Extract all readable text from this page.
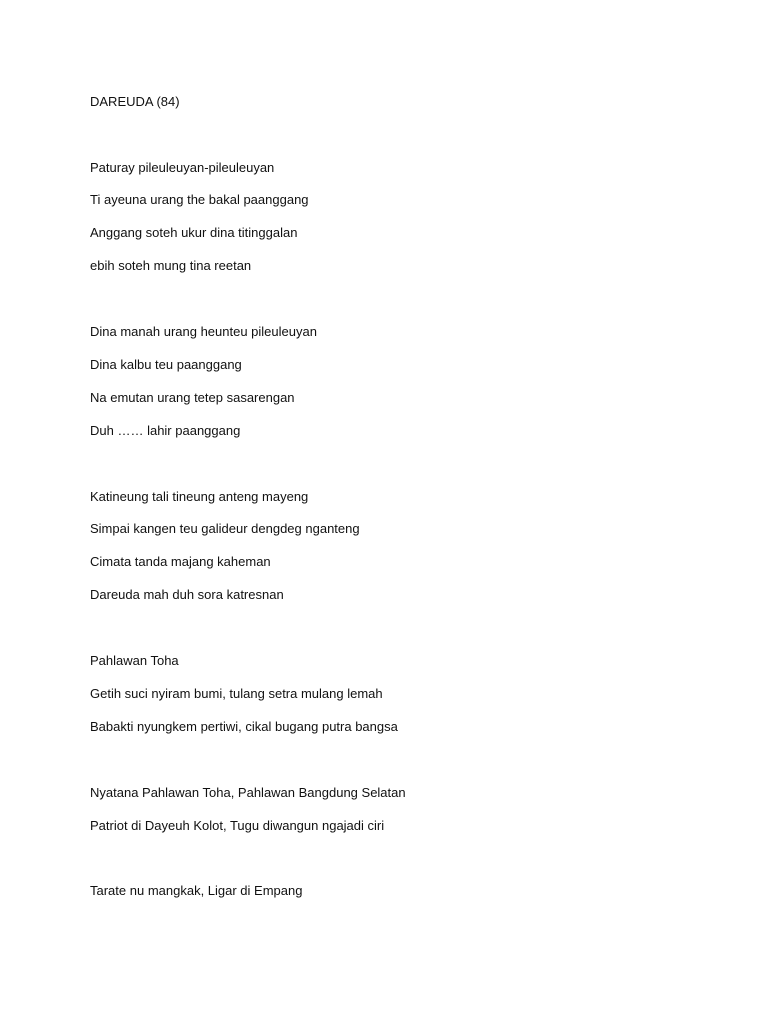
DAREUDA (84)
Paturay pileuleuyan-pileuleuyan
Ti ayeuna urang the bakal paanggang
Anggang soteh ukur dina titinggalan
ebih soteh mung tina reetan
Dina manah urang heunteu pileuleuyan
Dina kalbu teu paanggang
Na emutan urang tetep sasarengan
Duh …… lahir paanggang
Katineung tali tineung anteng mayeng
Simpai kangen teu galideur dengdeg nganteng
Cimata tanda majang kaheman
Dareuda mah duh sora katresnan
Pahlawan Toha
Getih suci nyiram bumi, tulang setra mulang lemah
Babakti nyungkem pertiwi, cikal bugang putra bangsa
Nyatana Pahlawan Toha, Pahlawan Bangdung Selatan
Patriot di Dayeuh Kolot, Tugu diwangun ngajadi ciri
Tarate nu mangkak, Ligar di Empang
